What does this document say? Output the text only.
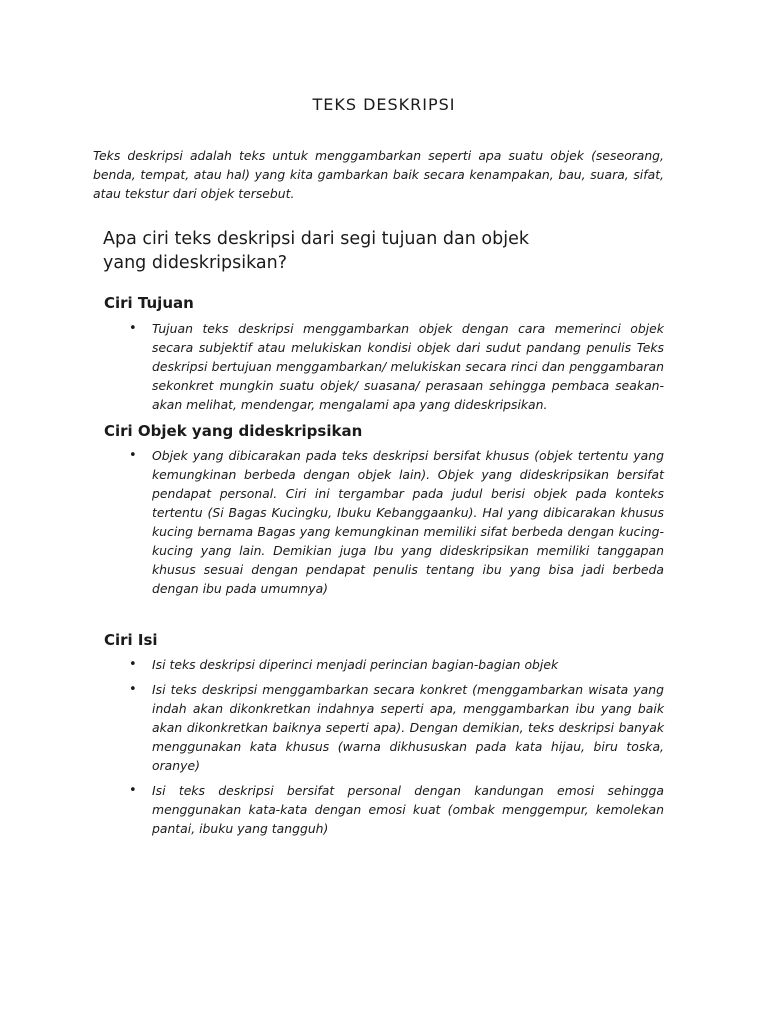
TEKS DESKRIPSI

Teks deskripsi adalah teks untuk menggambarkan seperti apa suatu objek (seseorang, benda, tempat, atau hal) yang kita gambarkan baik secara kenampakan, bau, suara, sifat, atau tekstur dari objek tersebut.

Apa ciri teks deskripsi dari segi tujuan dan objek yang dideskripsikan?
Ciri Tujuan
• Tujuan teks deskripsi menggambarkan objek dengan cara memerinci objek secara subjektif atau melukiskan kondisi objek dari sudut pandang penulis Teks deskripsi bertujuan menggambarkan/ melukiskan secara rinci dan penggambaran sekonkret mungkin suatu objek/ suasana/ perasaan sehingga pembaca seakan-akan melihat, mendengar, mengalami apa yang dideskripsikan.
Ciri Objek yang dideskripsikan
• Objek yang dibicarakan pada teks deskripsi bersifat khusus (objek tertentu yang kemungkinan berbeda dengan objek lain). Objek yang dideskripsikan bersifat pendapat personal. Ciri ini tergambar pada judul berisi objek pada konteks tertentu (Si Bagas Kucingku, Ibuku Kebanggaanku). Hal yang dibicarakan khusus kucing bernama Bagas yang kemungkinan memiliki sifat berbeda dengan kucing-kucing yang lain. Demikian juga Ibu yang dideskripsikan memiliki tanggapan khusus sesuai dengan pendapat penulis tentang ibu yang bisa jadi berbeda dengan ibu pada umumnya)
Ciri Isi
• Isi teks deskripsi diperinci menjadi perincian bagian-bagian objek
• Isi teks deskripsi menggambarkan secara konkret (menggambarkan wisata yang indah akan dikonkretkan indahnya seperti apa, menggambarkan ibu yang baik akan dikonkretkan baiknya seperti apa). Dengan demikian, teks deskripsi banyak menggunakan kata khusus (warna dikhususkan pada kata hijau, biru toska, oranye)
• Isi teks deskripsi bersifat personal dengan kandungan emosi sehingga menggunakan kata-kata dengan emosi kuat (ombak menggempur, kemolekan pantai, ibuku yang tangguh)
